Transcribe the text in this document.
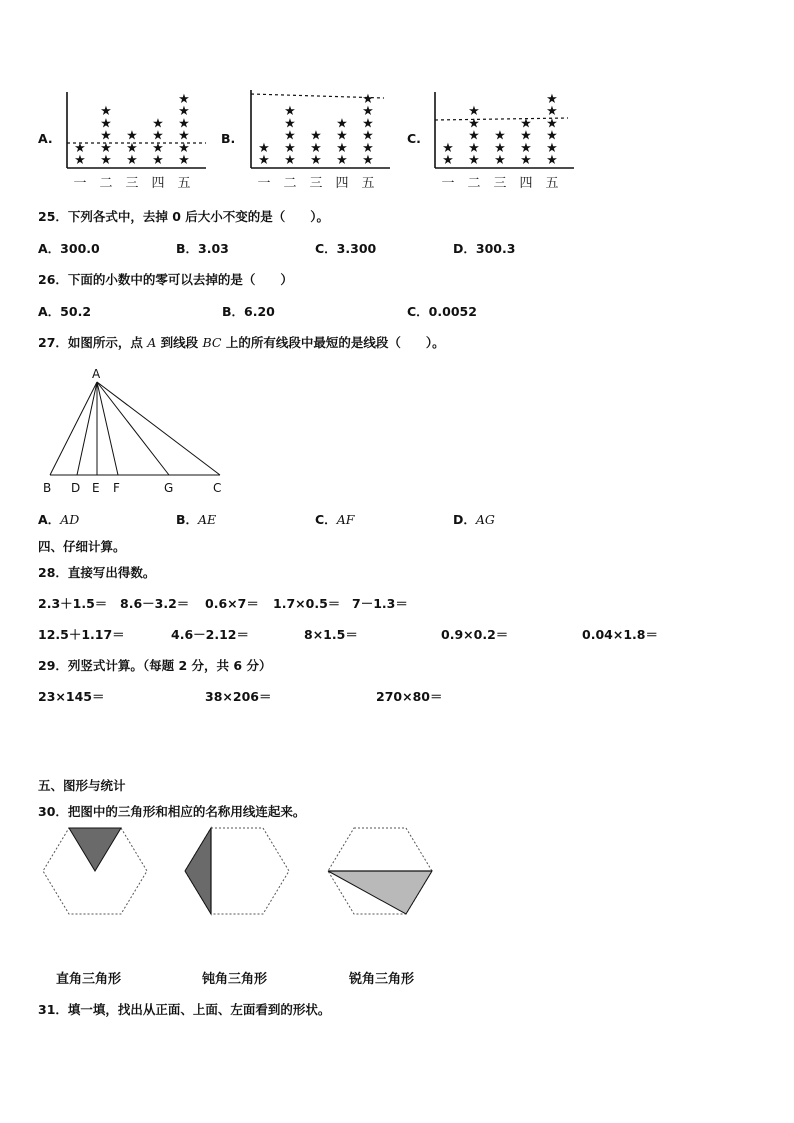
A.
★
★
★
★
★
★
★
★
★
★
★
★
★
★
★
★
★
★
★
★
一 二 三 四 五
B.
★
★
★
★
★
★
★
★
★
★
★
★
★
★
★
★
★
★
★
★
一 二 三 四 五
C.
★
★
★
★
★
★
★
★
★
★
★
★
★
★
★
★
★
★
★
★
一 二 三 四 五
25．下列各式中，去掉 0 后大小不变的是（　　）。
A．300.0	B．3.03	C．3.300	D．300.3
26．下面的小数中的零可以去掉的是（　　）
A．50.2	B．6.20	C．0.0052
27．如图所示，点 A 到线段 BC 上的所有线段中最短的是线段（　　）。
A
B D E F	G	C
A．AD	B．AE	C．AF	D．AG
四、仔细计算。
28．直接写出得数。
2.3＋1.5＝ 8.6－3.2＝ 0.6×7＝ 1.7×0.5＝ 7－1.3＝
12.5＋1.17＝	4.6－2.12＝	8×1.5＝	0.9×0.2＝	0.04×1.8＝
29．列竖式计算。（每题 2 分，共 6 分）
23×145＝	38×206＝	270×80＝
五、图形与统计
30．把图中的三角形和相应的名称用线连起来。
直角三角形	钝角三角形	锐角三角形
31．填一填，找出从正面、上面、左面看到的形状。
